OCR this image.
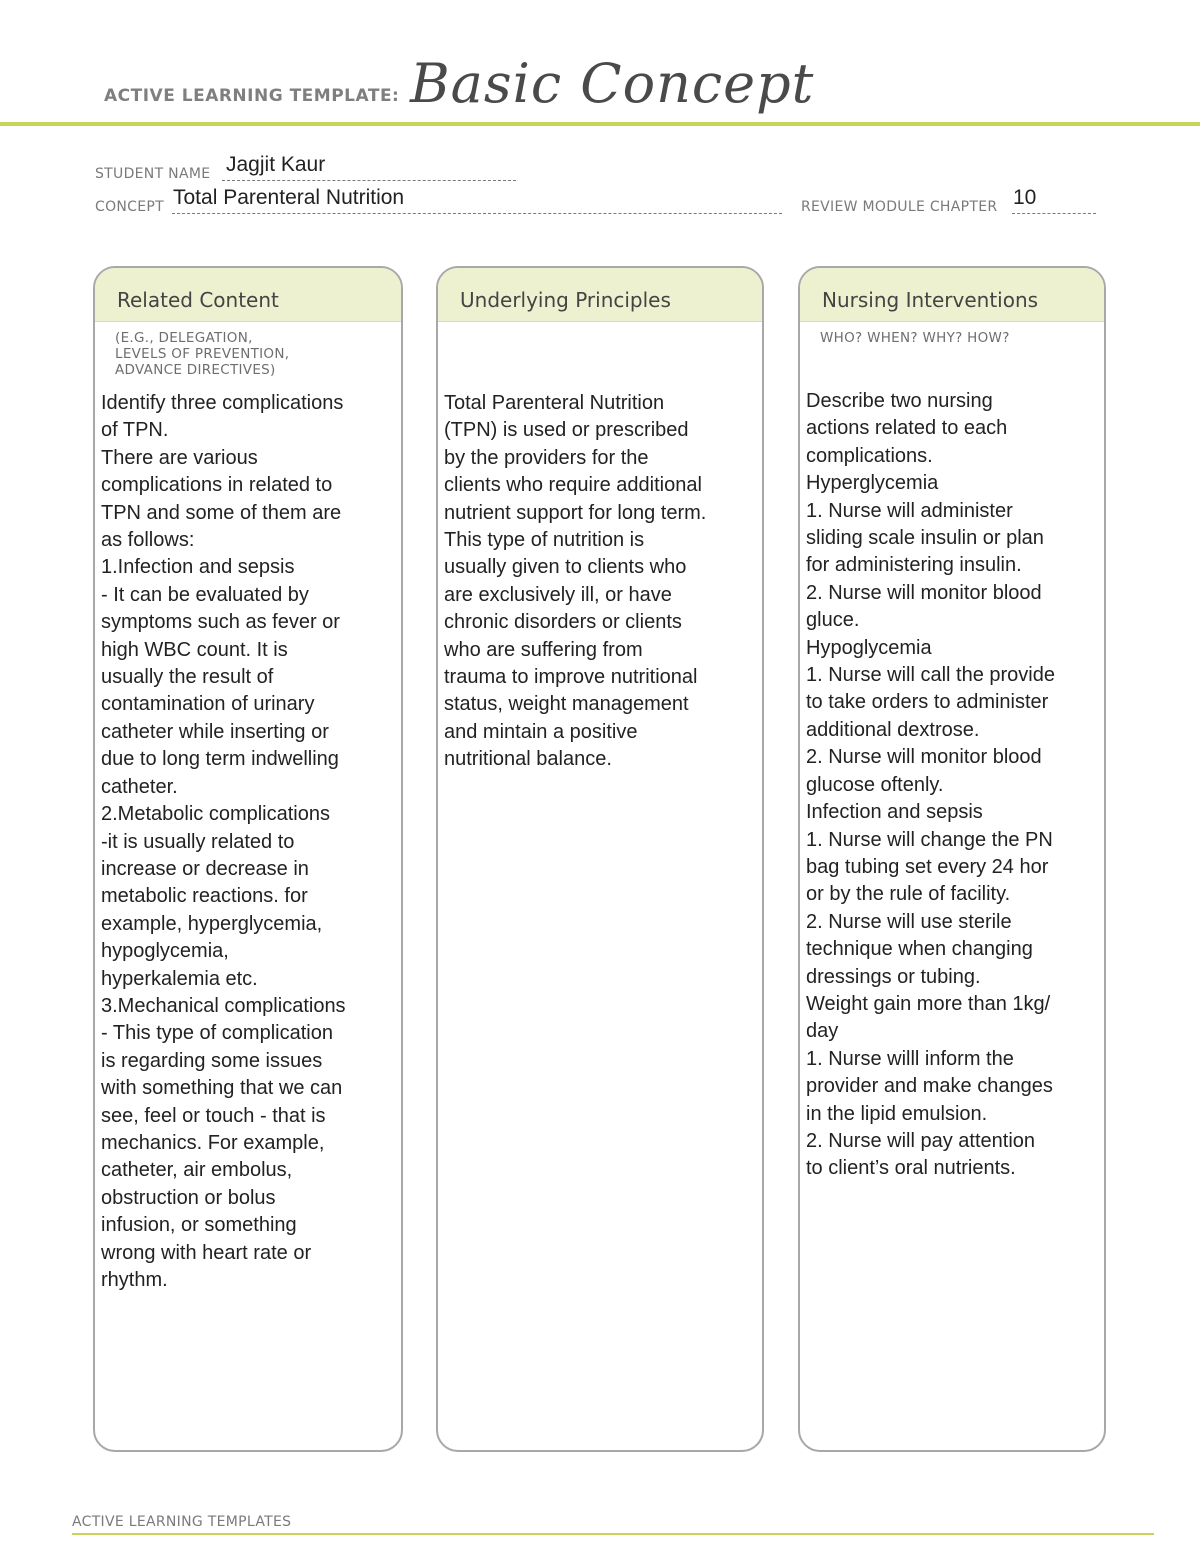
ACTIVE LEARNING TEMPLATE: Basic Concept
STUDENT NAME Jagjit Kaur
CONCEPT Total Parenteral Nutrition	REVIEW MODULE CHAPTER 10
Related Content
(E.G., DELEGATION,
LEVELS OF PREVENTION,
ADVANCE DIRECTIVES)
Identify three complications
of TPN.
There are various
complications in related to
TPN and some of them are
as follows:
1.Infection and sepsis
- It can be evaluated by
symptoms such as fever or
high WBC count. It is
usually the result of
contamination of urinary
catheter while inserting or
due to long term indwelling
catheter.
2.Metabolic complications
-it is usually related to
increase or decrease in
metabolic reactions. for
example, hyperglycemia,
hypoglycemia,
hyperkalemia etc.
3.Mechanical complications
- This type of complication
is regarding some issues
with something that we can
see, feel or touch - that is
mechanics. For example,
catheter, air embolus,
obstruction or bolus
infusion, or something
wrong with heart rate or
rhythm.
Underlying Principles
Total Parenteral Nutrition
(TPN) is used or prescribed
by the providers for the
clients who require additional
nutrient support for long term.
This type of nutrition is
usually given to clients who
are exclusively ill, or have
chronic disorders or clients
who are suffering from
trauma to improve nutritional
status, weight management
and mintain a positive
nutritional balance.
Nursing Interventions
WHO? WHEN? WHY? HOW?
Describe two nursing
actions related to each
complications.
Hyperglycemia
1. Nurse will administer
sliding scale insulin or plan
for administering insulin.
2. Nurse will monitor blood
gluce.
Hypoglycemia
1. Nurse will call the provide
to take orders to administer
additional dextrose.
2. Nurse will monitor blood
glucose oftenly.
Infection and sepsis
1. Nurse will change the PN
bag tubing set every 24 hor
or by the rule of facility.
2. Nurse will use sterile
technique when changing
dressings or tubing.
Weight gain more than 1kg/
day
1. Nurse willl inform the
provider and make changes
in the lipid emulsion.
2. Nurse will pay attention
to client’s oral nutrients.
ACTIVE LEARNING TEMPLATES
